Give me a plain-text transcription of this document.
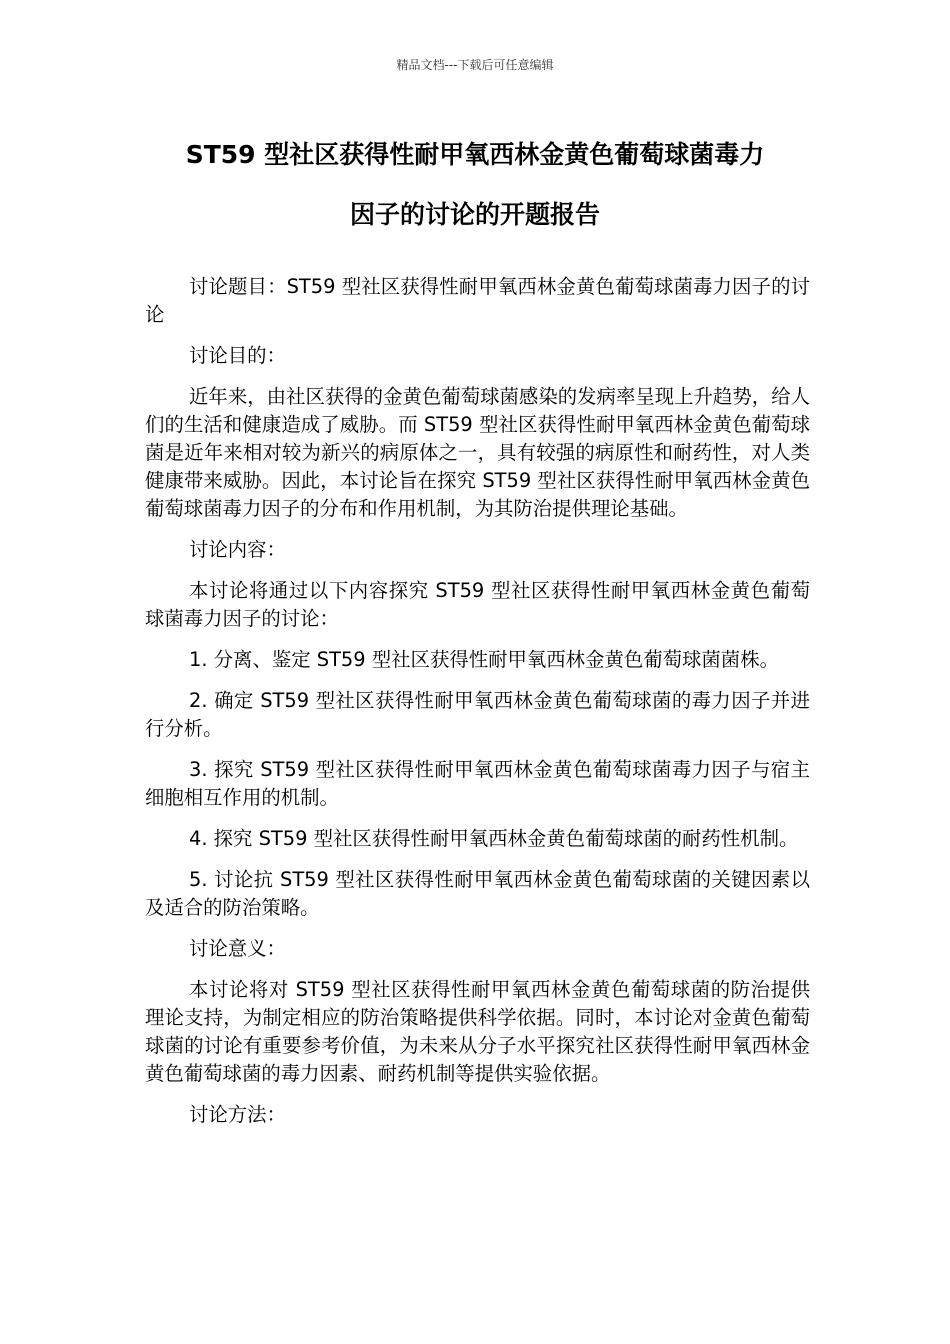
精品文档---下载后可任意编辑
ST59 型社区获得性耐甲氧西林金黄色葡萄球菌毒力
因子的讨论的开题报告

讨论题目：ST59 型社区获得性耐甲氧西林金黄色葡萄球菌毒力因子的讨论

讨论目的：

近年来，由社区获得的金黄色葡萄球菌感染的发病率呈现上升趋势，给人们的生活和健康造成了威胁。而 ST59 型社区获得性耐甲氧西林金黄色葡萄球菌是近年来相对较为新兴的病原体之一，具有较强的病原性和耐药性，对人类健康带来威胁。因此，本讨论旨在探究 ST59 型社区获得性耐甲氧西林金黄色葡萄球菌毒力因子的分布和作用机制，为其防治提供理论基础。

讨论内容：

本讨论将通过以下内容探究 ST59 型社区获得性耐甲氧西林金黄色葡萄球菌毒力因子的讨论：

1. 分离、鉴定 ST59 型社区获得性耐甲氧西林金黄色葡萄球菌菌株。

2. 确定 ST59 型社区获得性耐甲氧西林金黄色葡萄球菌的毒力因子并进行分析。

3. 探究 ST59 型社区获得性耐甲氧西林金黄色葡萄球菌毒力因子与宿主细胞相互作用的机制。

4. 探究 ST59 型社区获得性耐甲氧西林金黄色葡萄球菌的耐药性机制。

5. 讨论抗 ST59 型社区获得性耐甲氧西林金黄色葡萄球菌的关键因素以及适合的防治策略。

讨论意义：

本讨论将对 ST59 型社区获得性耐甲氧西林金黄色葡萄球菌的防治提供理论支持，为制定相应的防治策略提供科学依据。同时，本讨论对金黄色葡萄球菌的讨论有重要参考价值，为未来从分子水平探究社区获得性耐甲氧西林金黄色葡萄球菌的毒力因素、耐药机制等提供实验依据。

讨论方法：
